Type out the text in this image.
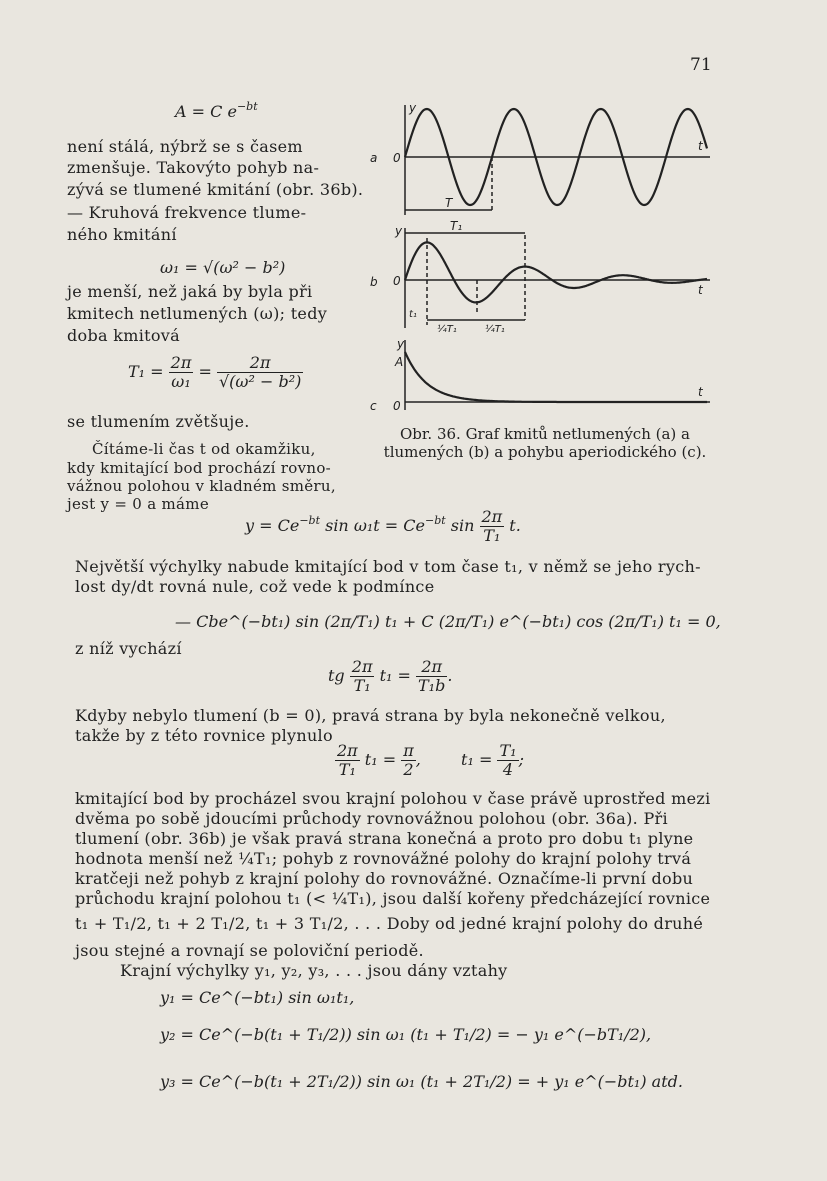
71
A = C $e^{-bt}$
není stálá, nýbrž se s časem
zmenšuje. Takovýto pohyb na-
zývá se tlumené kmitání (obr. 36b).
— Kruhová frekvence tlume-
ného kmitání
ω₁ = √(ω² − b²)
je menší, než jaká by byla při
kmitech netlumených (ω); tedy
doba kmitová
$T_1 = \frac{2\pi}{\text{ω₁}} = \frac{2\pi}{\text{√(ω² − b²)}}$
se tlumením zvětšuje.
Čítáme-li čas t od okamžiku,
kdy kmitající bod prochází rovno-
vážnou polohou v kladném směru,
jest y = 0 a máme
a 0
y
t
T
b 0
y
t
T₁
t₁
¼T₁	¼T₁
c 0
y
A
t
Obr. 36. Graf kmitů netlumených (a) a tlumených (b) a pohybu aperiodického (c).
$y = Ce^{-bt}$ $\sin \omega_1t = Ce^{-bt}$ $\sin \frac{2\pi}{\text{T₁}} t$.
Největší výchylky nabude kmitající bod v tom čase t₁, v němž se jeho rych-
lost dy/dt rovná nule, což vede k podmínce
— Cbe^(−bt₁) sin (2π/T₁) t₁ + C (2π/T₁) e^(−bt₁) cos (2π/T₁) t₁ = 0,
z níž vychází
tg $\frac{2\pi}{\text{T₁}} t_1 = \frac{2\pi}{\text{T₁b}}$ .
Kdyby nebylo tlumení (b = 0), pravá strana by byla nekonečně velkou,
takže by z této rovnice plynulo
$\frac{2\pi}{\text{T₁}} t_1 = \frac{\pi}{2}$ ,	$t_1 = \frac{\text{T₁}}{4}$ ;
kmitající bod by procházel svou krajní polohou v čase právě uprostřed mezi
dvěma po sobě jdoucími průchody rovnovážnou polohou (obr. 36a). Při
tlumení (obr. 36b) je však pravá strana konečná a proto pro dobu t₁ plyne
hodnota menší než ¼T₁; pohyb z rovnovážné polohy do krajní polohy trvá
kratčeji než pohyb z krajní polohy do rovnovážné. Označíme-li první dobu
průchodu krajní polohou t₁ (< ¼T₁), jsou další kořeny předcházející rovnice
t₁ + T₁/2, t₁ + 2 T₁/2, t₁ + 3 T₁/2, . . . Doby od jedné krajní polohy do druhé
jsou stejné a rovnají se poloviční periodě.
Krajní výchylky y₁, y₂, y₃, . . . jsou dány vztahy
y₁ = Ce^(−bt₁) sin ω₁t₁,
y₂ = Ce^(−b(t₁ + T₁/2)) sin ω₁ (t₁ + T₁/2) = − y₁ e^(−bT₁/2),
y₃ = Ce^(−b(t₁ + 2T₁/2)) sin ω₁ (t₁ + 2T₁/2) = + y₁ e^(−bt₁) atd.
